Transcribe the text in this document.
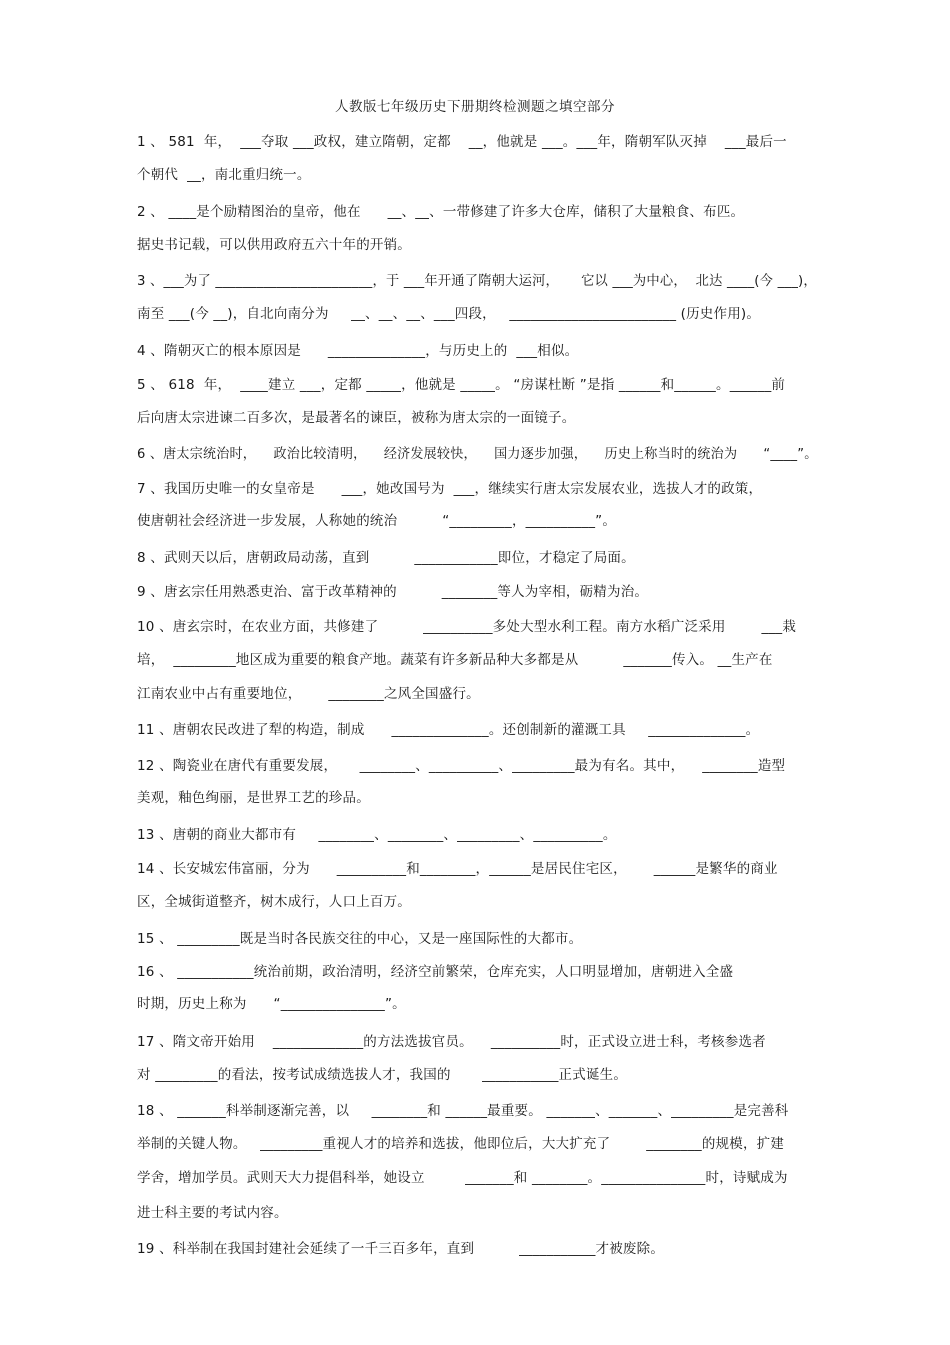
人教版七年级历史下册期终检测题之填空部分
1 、 581  年，  ___夺取 ___政权，建立隋朝，定都    __，他就是 ___。___年，隋朝军队灭掉    ___最后一
个朝代  __，南北重归统一。
2 、 ____是个励精图治的皇帝，他在      __、__、一带修建了许多大仓库，储积了大量粮食、布匹。
据史书记载，可以供用政府五六十年的开销。
3 、___为了 _______________________，于 ___年开通了隋朝大运河，     它以 ___为中心，  北达 ____(今 ___)，
南至 ___(今 __)，自北向南分为     __、__、__、___四段，   ________________________ (历史作用)。
4 、隋朝灭亡的根本原因是      ______________，与历史上的  ___相似。
5 、 618  年，  ____建立 ___，定都 _____，他就是 _____。 “房谋杜断 ”是指 ______和______。______前
后向唐太宗进谏二百多次，是最著名的谏臣，被称为唐太宗的一面镜子。
6 、唐太宗统治时，    政治比较清明，    经济发展较快，    国力逐步加强，    历史上称当时的统治为      “____”。
7 、我国历史唯一的女皇帝是      ___，她改国号为  ___，继续实行唐太宗发展农业，选拔人才的政策，
使唐朝社会经济进一步发展，人称她的统治          “_________，__________”。
8 、武则天以后，唐朝政局动荡，直到          ____________即位，才稳定了局面。
9 、唐玄宗任用熟悉吏治、富于改革精神的          ________等人为宰相，砺精为治。
10 、唐玄宗时，在农业方面，共修建了          __________多处大型水利工程。南方水稻广泛采用        ___栽
培，  _________地区成为重要的粮食产地。蔬菜有许多新品种大多都是从          _______传入。 __生产在
江南农业中占有重要地位，      ________之风全国盛行。
11 、唐朝农民改进了犁的构造，制成      ______________。还创制新的灌溉工具     ______________。
12 、陶瓷业在唐代有重要发展，     ________、__________、_________最为有名。其中，    ________造型
美观，釉色绚丽，是世界工艺的珍品。
13 、唐朝的商业大都市有     ________、________、_________、__________。
14 、长安城宏伟富丽，分为      __________和________，______是居民住宅区，      ______是繁华的商业
区，全城街道整齐，树木成行，人口上百万。
15 、 _________既是当时各民族交往的中心，又是一座国际性的大都市。
16 、 ___________统治前期，政治清明，经济空前繁荣，仓库充实，人口明显增加，唐朝进入全盛
时期，历史上称为      “_______________”。
17 、隋文帝开始用    _____________的方法选拔官员。    __________时，正式设立进士科，考核参选者
对 _________的看法，按考试成绩选拔人才，我国的       ___________正式诞生。
18 、 _______科举制逐渐完善，以     ________和 ______最重要。 _______、_______、_________是完善科
举制的关键人物。   _________重视人才的培养和选拔，他即位后，大大扩充了        ________的规模，扩建
学舍，增加学员。武则天大力提倡科举，她设立         _______和 ________。_______________时，诗赋成为
进士科主要的考试内容。
19 、科举制在我国封建社会延续了一千三百多年，直到          ___________才被废除。
